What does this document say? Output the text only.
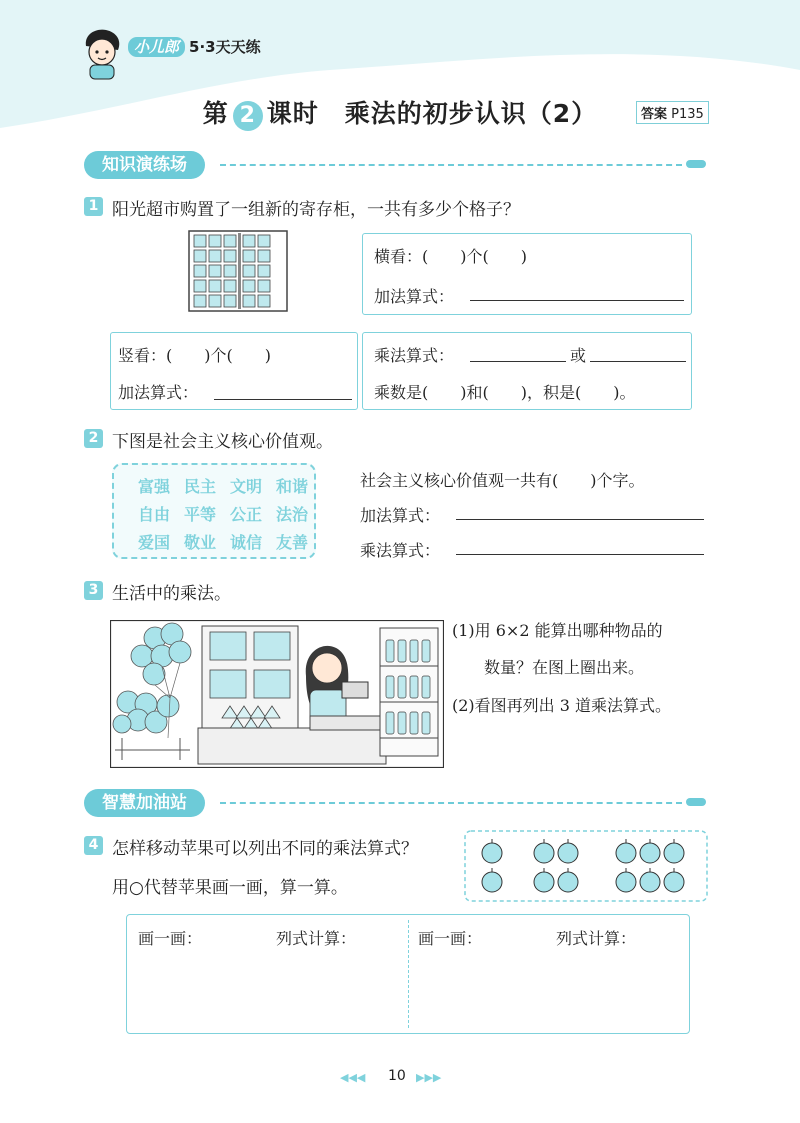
小儿郎 5·3天天练
第 2 课时　乘法的初步认识（2）	答案 P135
知识演练场
1 阳光超市购置了一组新的寄存柜，一共有多少个格子？
横看：(　　)个(　　)
加法算式：
竖看：(　　)个(　　)
加法算式：
乘法算式：	或
乘数是(　　)和(　　)，积是(　　)。
2 下图是社会主义核心价值观。
富强 民主 文明 和谐
自由 平等 公正 法治
爱国 敬业 诚信 友善
社会主义核心价值观一共有(　　)个字。
加法算式：
乘法算式：
3 生活中的乘法。
(1)用 6×2 能算出哪种物品的
数量？在图上圈出来。
(2)看图再列出 3 道乘法算式。
智慧加油站
4 怎样移动苹果可以列出不同的乘法算式？
用○代替苹果画一画，算一算。
画一画：	列式计算：	画一画：	列式计算：
◀◀◀ 10 ▶▶▶
